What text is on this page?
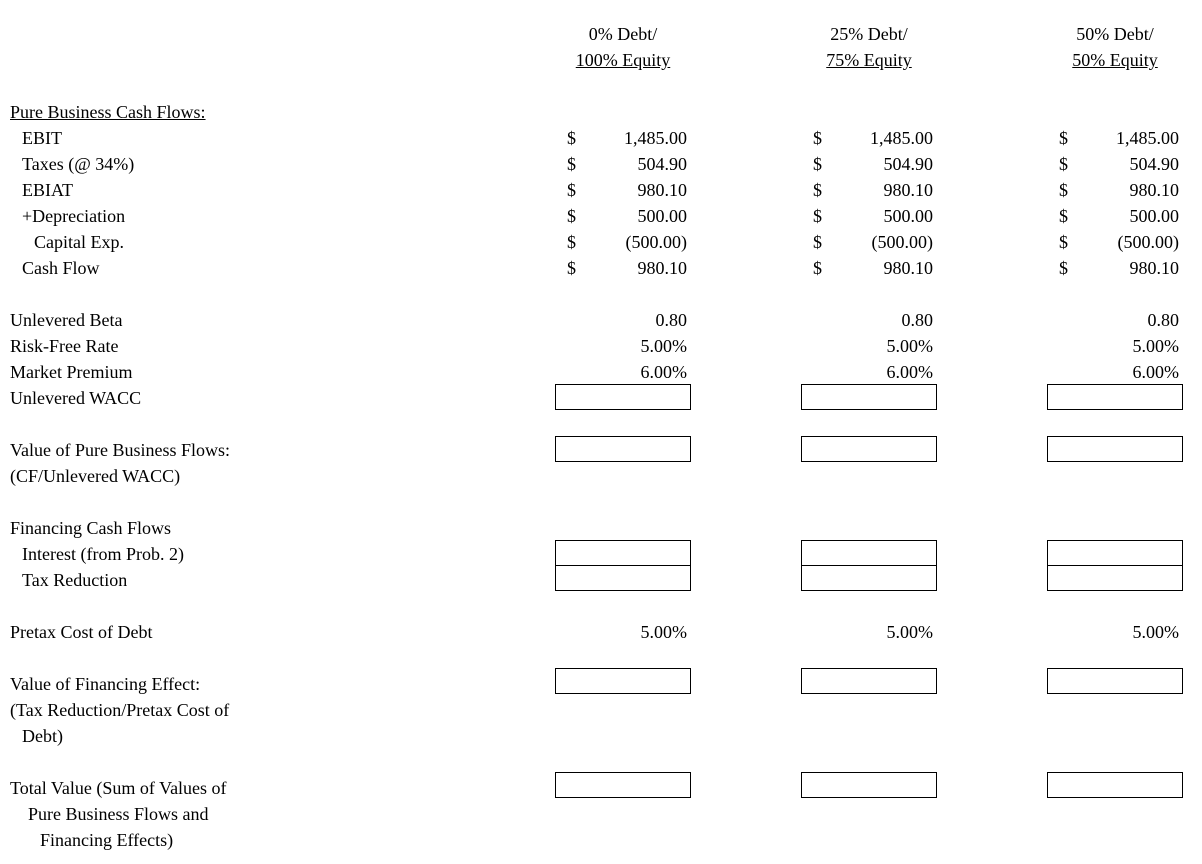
0% Debt/
100% Equity
25% Debt/
75% Equity
50% Debt/
50% Equity
Pure Business Cash Flows:
EBIT	$	1,485.00	$	1,485.00	$	1,485.00
Taxes (@ 34%)	$	504.90	$	504.90	$	504.90
EBIAT	$	980.10	$	980.10	$	980.10
+Depreciation	$	500.00	$	500.00	$	500.00
Capital Exp.	$	(500.00)	$	(500.00)	$	(500.00)
Cash Flow	$	980.10	$	980.10	$	980.10
Unlevered Beta	0.80	0.80	0.80
Risk-Free Rate	5.00%	5.00%	5.00%
Market Premium	6.00%	6.00%	6.00%
Unlevered WACC
Value of Pure Business Flows:
(CF/Unlevered WACC)
Financing Cash Flows
Interest (from Prob. 2)
Tax Reduction
Pretax Cost of Debt	5.00%	5.00%	5.00%
Value of Financing Effect:
(Tax Reduction/Pretax Cost of
Debt)
Total Value (Sum of Values of
Pure Business Flows and
Financing Effects)
